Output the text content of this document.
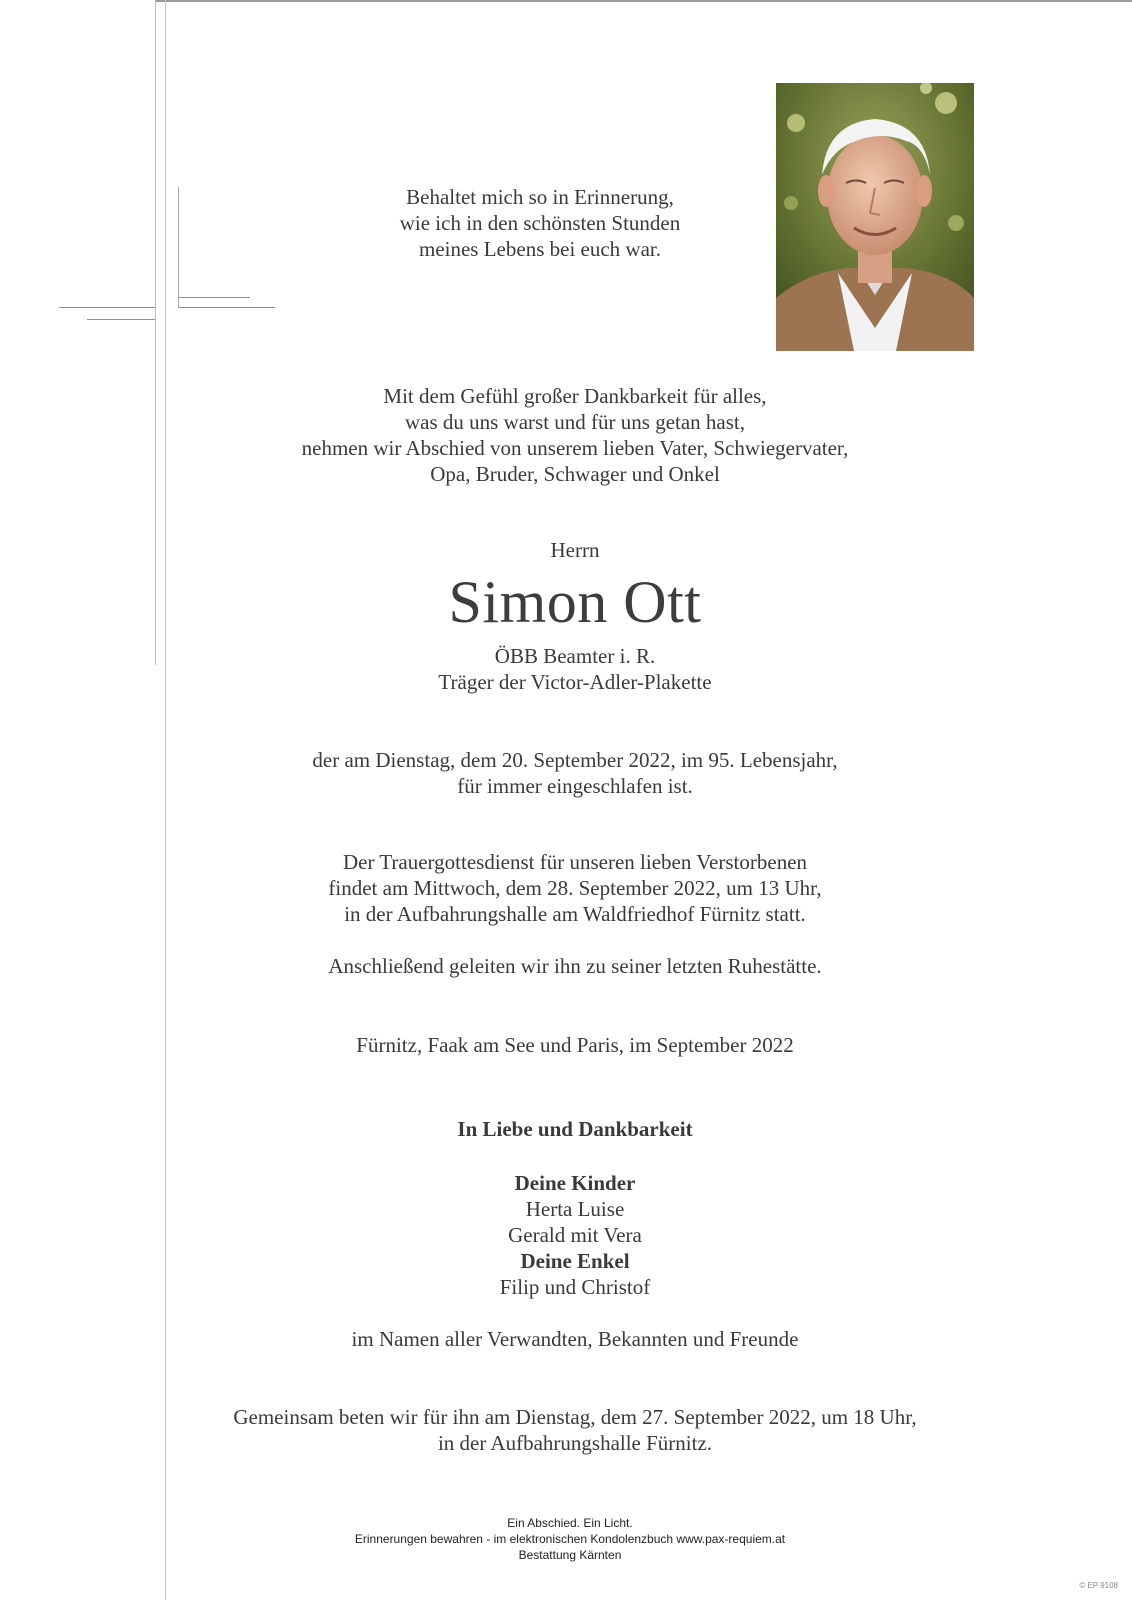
Behaltet mich so in Erinnerung,
wie ich in den schönsten Stunden
meines Lebens bei euch war.
Mit dem Gefühl großer Dankbarkeit für alles,
was du uns warst und für uns getan hast,
nehmen wir Abschied von unserem lieben Vater, Schwiegervater,
Opa, Bruder, Schwager und Onkel
Herrn
Simon Ott
ÖBB Beamter i. R.
Träger der Victor-Adler-Plakette
der am Dienstag, dem 20. September 2022, im 95. Lebensjahr,
für immer eingeschlafen ist.
Der Trauergottesdienst für unseren lieben Verstorbenen
findet am Mittwoch, dem 28. September 2022, um 13 Uhr,
in der Aufbahrungshalle am Waldfriedhof Fürnitz statt.
Anschließend geleiten wir ihn zu seiner letzten Ruhestätte.
Fürnitz, Faak am See und Paris, im September 2022
In Liebe und Dankbarkeit
Deine Kinder
Herta Luise
Gerald mit Vera
Deine Enkel
Filip und Christof
im Namen aller Verwandten, Bekannten und Freunde
Gemeinsam beten wir für ihn am Dienstag, dem 27. September 2022, um 18 Uhr,
in der Aufbahrungshalle Fürnitz.
Ein Abschied. Ein Licht.
Erinnerungen bewahren - im elektronischen Kondolenzbuch www.pax-requiem.at
Bestattung Kärnten
© EP 9108
